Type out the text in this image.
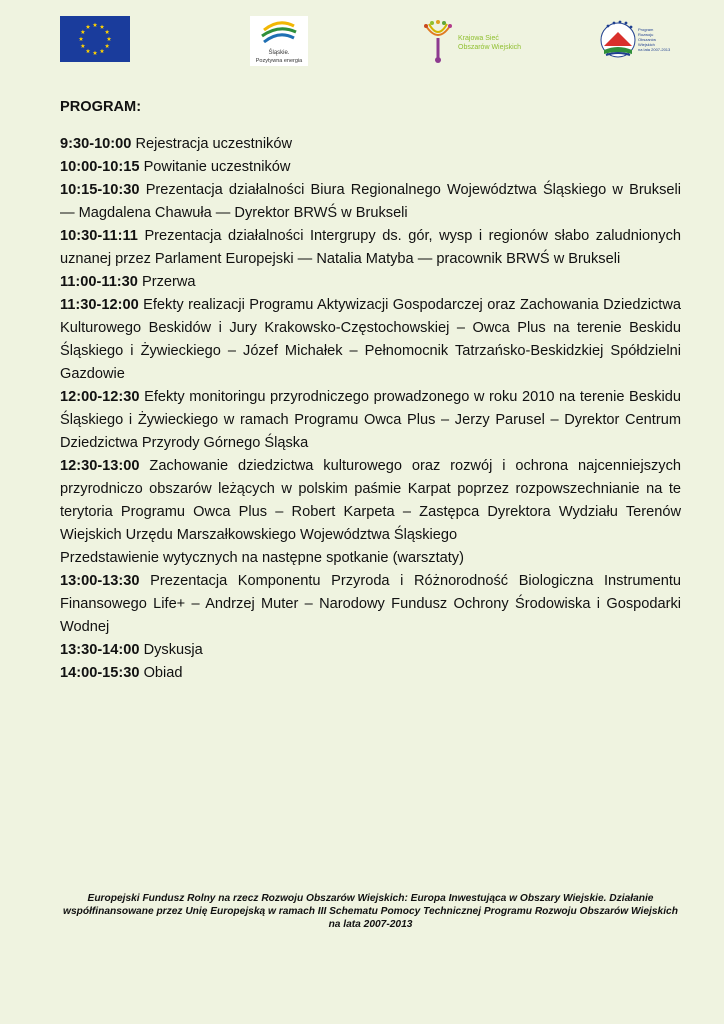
Śląskie.
Pozytywna energia
Krajowa Sieć
Obszarów Wiejskich
Program
Rozwoju
Obszarów
Wiejskich
na lata 2007-2013

PROGRAM:

9:30-10:00 Rejestracja uczestników

10:00-10:15 Powitanie uczestników

10:15-10:30 Prezentacja działalności Biura Regionalnego Województwa Śląskiego w Brukseli — Magdalena Chawuła — Dyrektor BRWŚ w Brukseli

10:30-11:11 Prezentacja działalności Intergrupy ds. gór, wysp i regionów słabo zaludnionych uznanej przez Parlament Europejski — Natalia Matyba — pracownik BRWŚ w Brukseli

11:00-11:30 Przerwa

11:30-12:00 Efekty realizacji Programu Aktywizacji Gospodarczej oraz Zachowania Dziedzictwa Kulturowego Beskidów i Jury Krakowsko-Częstochowskiej – Owca Plus na terenie Beskidu Śląskiego i Żywieckiego – Józef Michałek – Pełnomocnik Tatrzańsko-Beskidzkiej Spółdzielni Gazdowie

12:00-12:30 Efekty monitoringu przyrodniczego prowadzonego w roku 2010 na terenie Beskidu Śląskiego i Żywieckiego w ramach Programu Owca Plus – Jerzy Parusel – Dyrektor Centrum Dziedzictwa Przyrody Górnego Śląska

12:30-13:00 Zachowanie dziedzictwa kulturowego oraz rozwój i ochrona najcenniejszych przyrodniczo obszarów leżących w polskim paśmie Karpat poprzez rozpowszechnianie na te terytoria Programu Owca Plus – Robert Karpeta – Zastępca Dyrektora Wydziału Terenów Wiejskich Urzędu Marszałkowskiego Województwa Śląskiego

Przedstawienie wytycznych na następne spotkanie (warsztaty)

13:00-13:30 Prezentacja Komponentu Przyroda i Różnorodność Biologiczna Instrumentu Finansowego Life+ – Andrzej Muter – Narodowy Fundusz Ochrony Środowiska i Gospodarki Wodnej

13:30-14:00 Dyskusja

14:00-15:30 Obiad

Europejski Fundusz Rolny na rzecz Rozwoju Obszarów Wiejskich: Europa Inwestująca w Obszary Wiejskie. Działanie współfinansowane przez Unię Europejską w ramach III Schematu Pomocy Technicznej Programu Rozwoju Obszarów Wiejskich na lata 2007-2013
